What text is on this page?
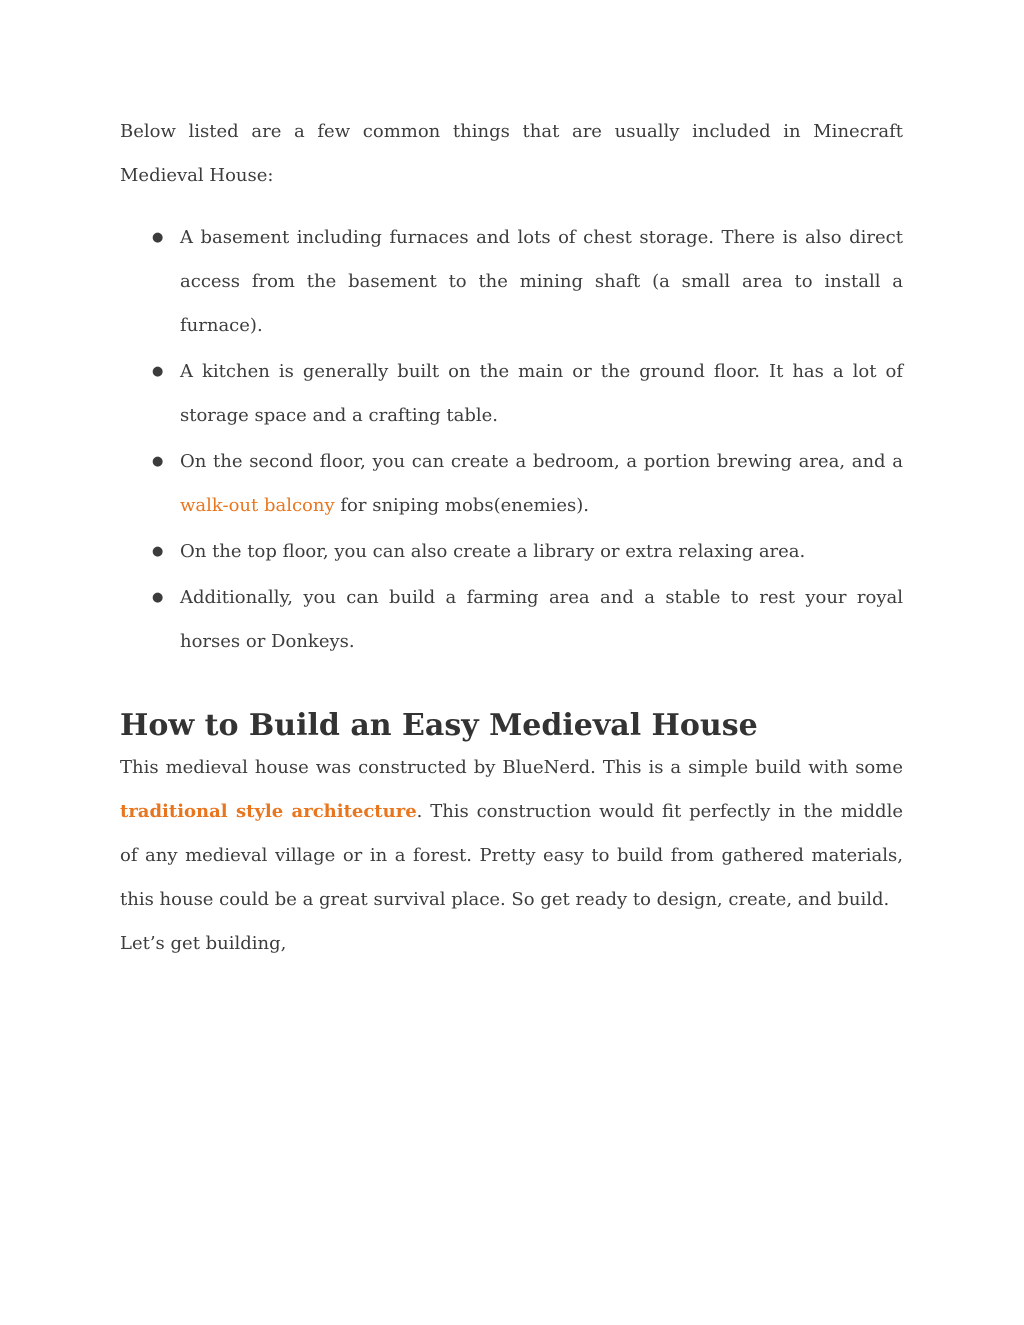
Below listed are a few common things that are usually included in Minecraft Medieval House:

● A basement including furnaces and lots of chest storage. There is also direct access from the basement to the mining shaft (a small area to install a furnace).
● A kitchen is generally built on the main or the ground floor. It has a lot of storage space and a crafting table.
● On the second floor, you can create a bedroom, a portion brewing area, and a walk-out balcony for sniping mobs(enemies).
● On the top floor, you can also create a library or extra relaxing area.
● Additionally, you can build a farming area and a stable to rest your royal horses or Donkeys.
How to Build an Easy Medieval House

This medieval house was constructed by BlueNerd. This is a simple build with some traditional style architecture. This construction would fit perfectly in the middle of any medieval village or in a forest. Pretty easy to build from gathered materials, this house could be a great survival place. So get ready to design, create, and build.

Let’s get building,
